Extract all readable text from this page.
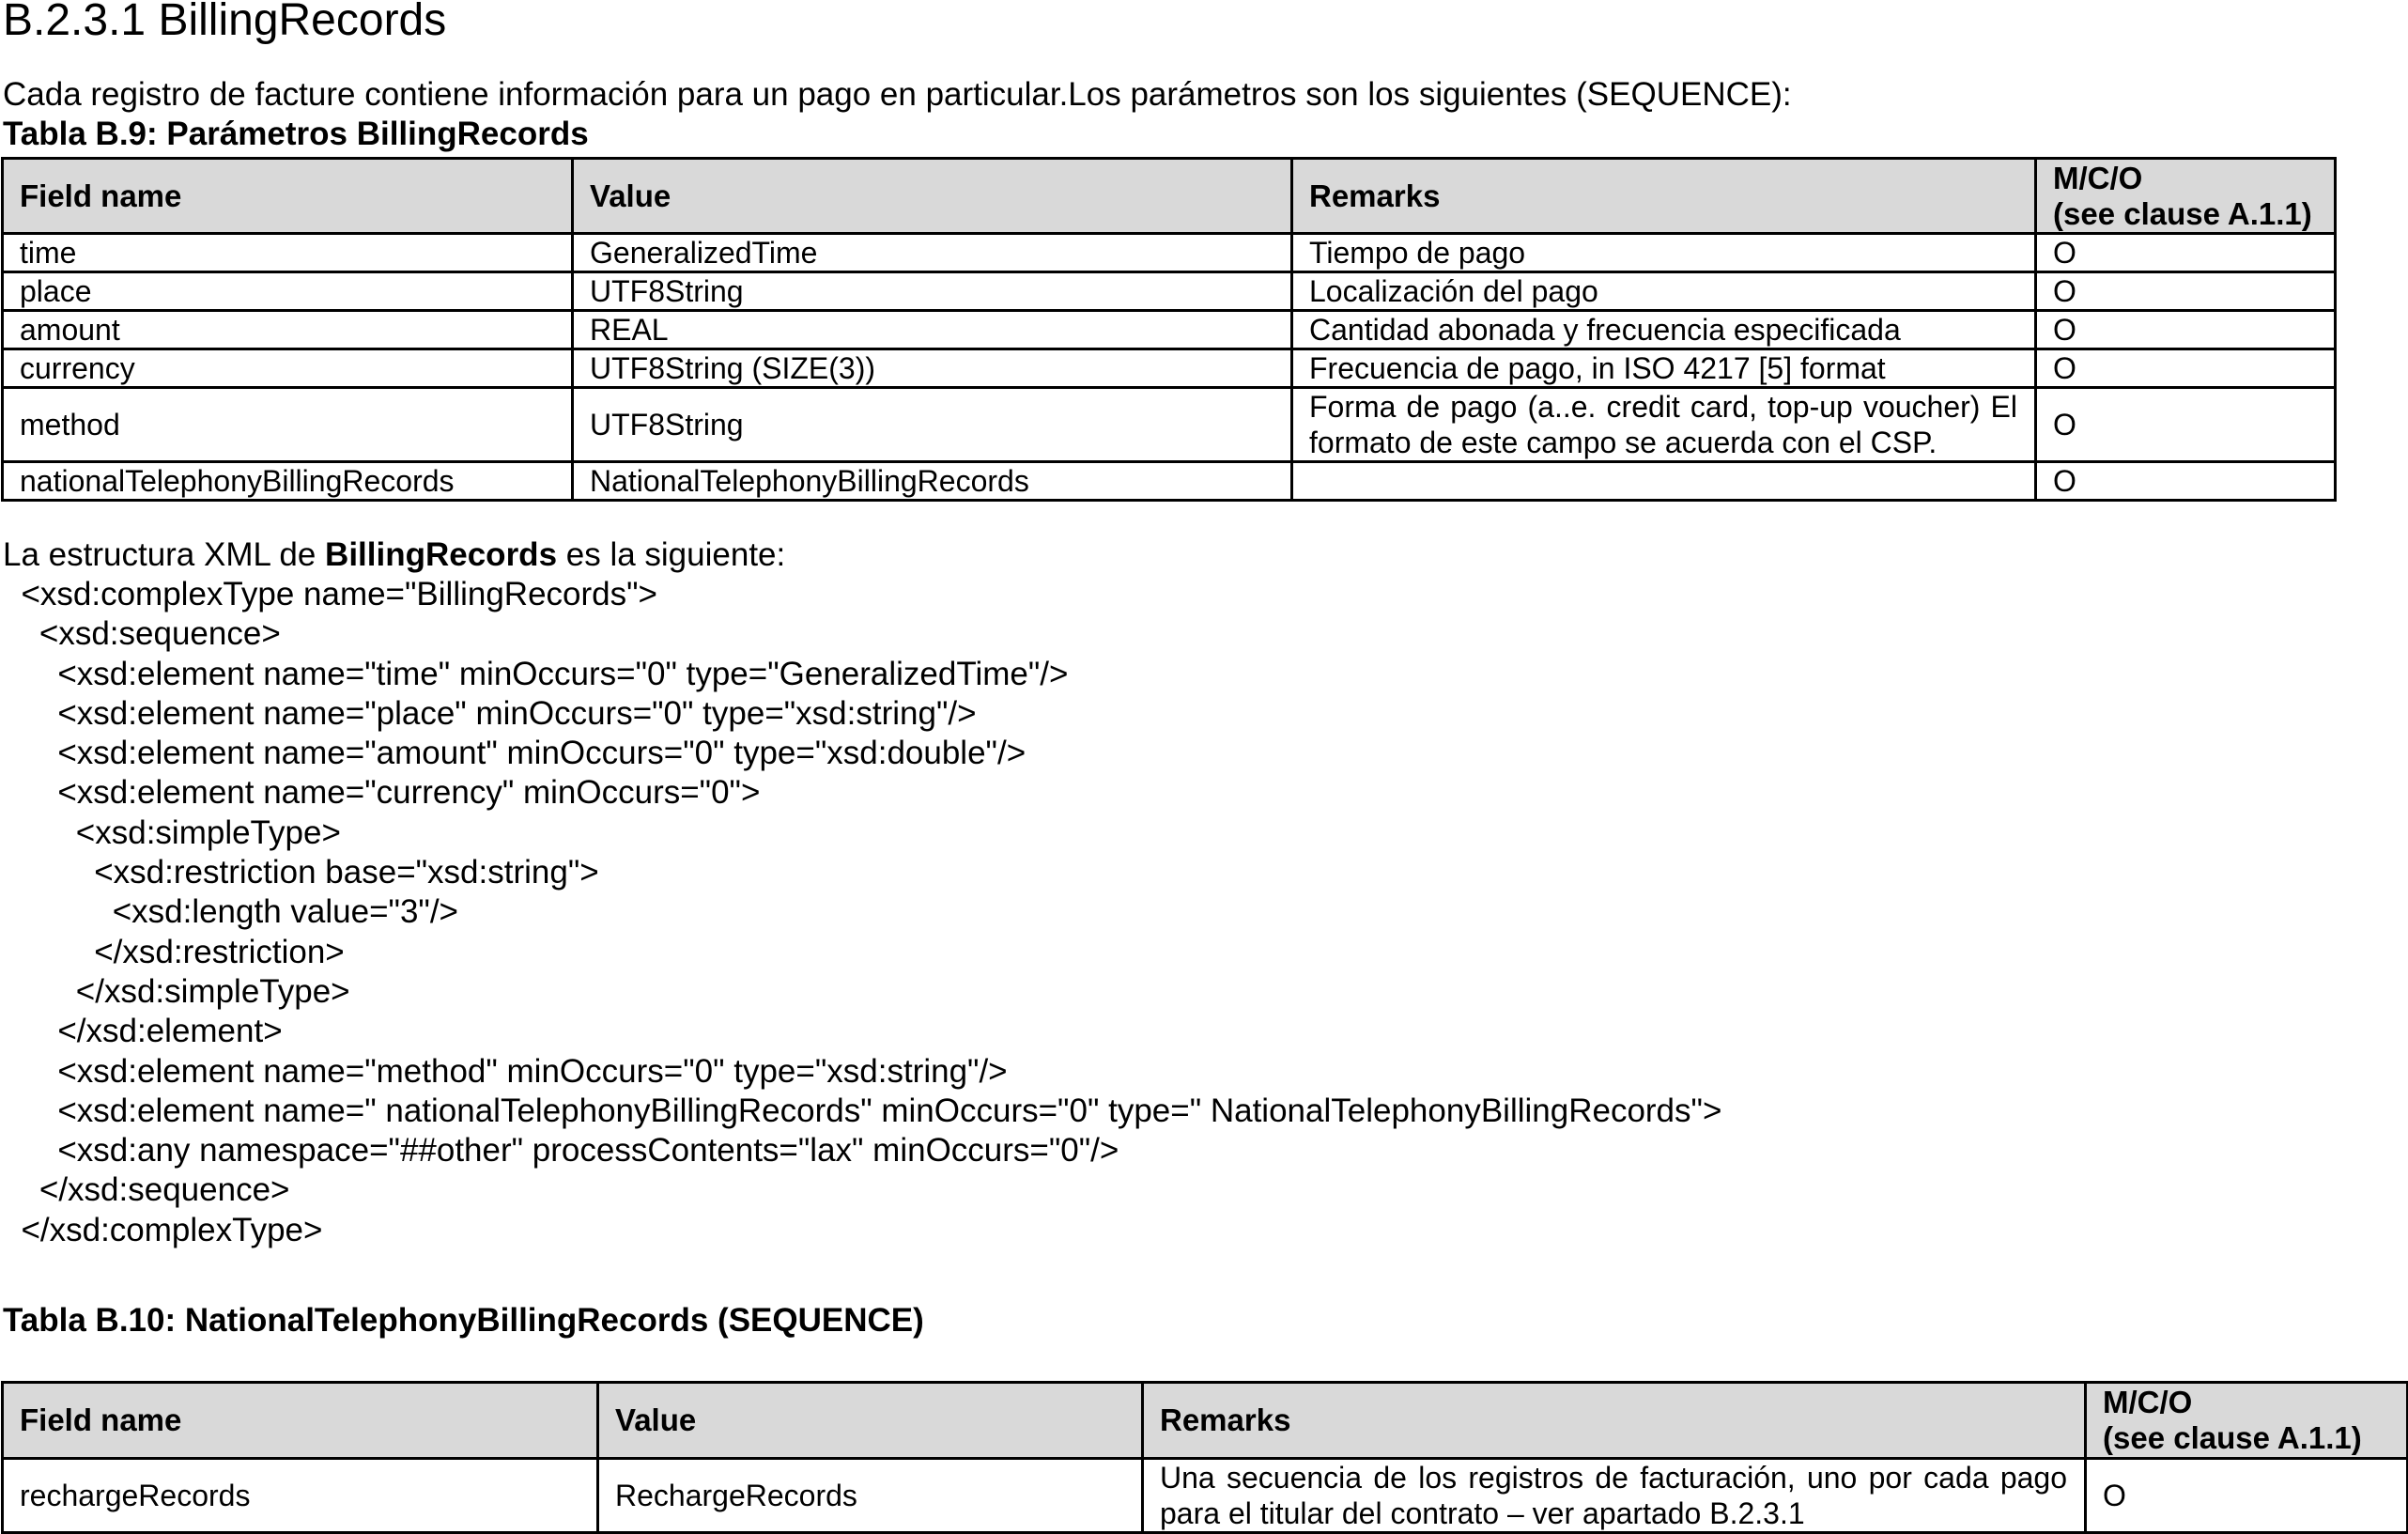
B.2.3.1 BillingRecords
Cada registro de facture contiene información para un pago en particular.Los parámetros son los siguientes (SEQUENCE):
Tabla B.9: Parámetros BillingRecords
Field name	Value	Remarks	M/C/O
(see clause A.1.1)

time	GeneralizedTime	Tiempo de pago	O
place	UTF8String	Localización del pago	O
amount	REAL	Cantidad abonada y frecuencia especificada	O
currency	UTF8String (SIZE(3))	Frecuencia de pago, in ISO 4217 [5] format	O
method	UTF8String	Forma de pago (a..e. credit card, top-up voucher) El formato de este campo se acuerda con el CSP.	O
nationalTelephonyBillingRecords	NationalTelephonyBillingRecords		O
La estructura XML de BillingRecords es la siguiente:
<xsd:complexType name="BillingRecords">
<xsd:sequence>
<xsd:element name="time" minOccurs="0" type="GeneralizedTime"/>
<xsd:element name="place" minOccurs="0" type="xsd:string"/>
<xsd:element name="amount" minOccurs="0" type="xsd:double"/>
<xsd:element name="currency" minOccurs="0">
<xsd:simpleType>
<xsd:restriction base="xsd:string">
<xsd:length value="3"/>
</xsd:restriction>
</xsd:simpleType>
</xsd:element>
<xsd:element name="method" minOccurs="0" type="xsd:string"/>
<xsd:element name=" nationalTelephonyBillingRecords" minOccurs="0" type=" NationalTelephonyBillingRecords">
<xsd:any namespace="##other" processContents="lax" minOccurs="0"/>
</xsd:sequence>
</xsd:complexType>
Tabla B.10: NationalTelephonyBillingRecords (SEQUENCE)
Field name	Value	Remarks	M/C/O
(see clause A.1.1)

rechargeRecords	RechargeRecords	Una secuencia de los registros de facturación, uno por cada pago para el titular del contrato – ver apartado B.2.3.1	O
